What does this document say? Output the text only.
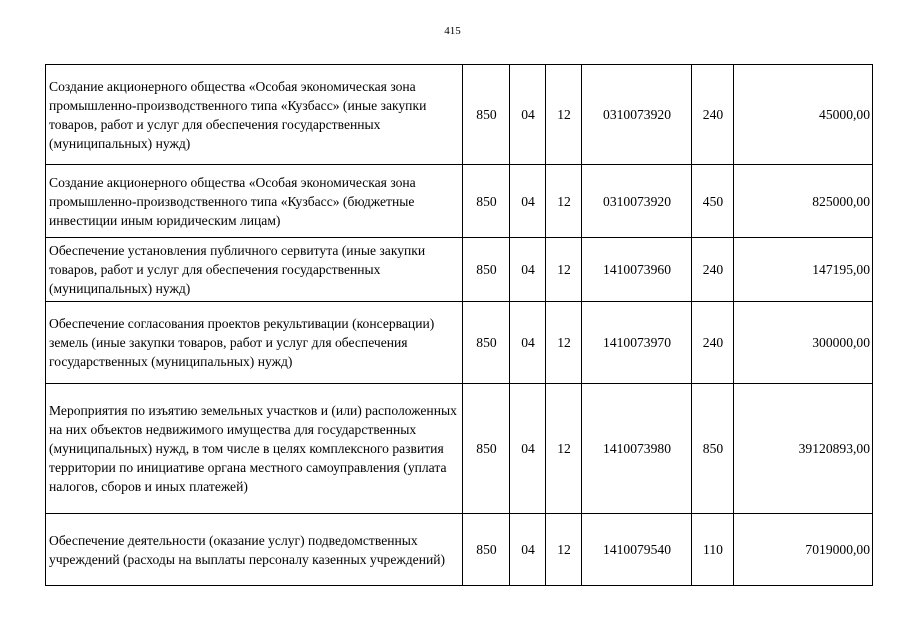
415
Создание акционерного общества «Особая экономическая зона промышленно-производственного типа «Кузбасс» (иные закупки товаров, работ и услуг для обеспечения государственных (муниципальных) нужд)	850	04	12	0310073920	240	45000,00
Создание акционерного общества «Особая экономическая зона промышленно-производственного типа «Кузбасс» (бюджетные инвестиции иным юридическим лицам)	850	04	12	0310073920	450	825000,00
Обеспечение установления публичного сервитута (иные закупки товаров, работ и услуг для обеспечения государственных (муниципальных) нужд)	850	04	12	1410073960	240	147195,00
Обеспечение согласования проектов рекультивации (консервации) земель (иные закупки товаров, работ и услуг для обеспечения государственных (муниципальных) нужд)	850	04	12	1410073970	240	300000,00
Мероприятия по изъятию земельных участков и (или) расположенных на них объектов недвижимого имущества для государственных (муниципальных) нужд, в том числе в целях комплексного развития территории по инициативе органа местного самоуправления (уплата налогов, сборов и иных платежей)	850	04	12	1410073980	850	39120893,00
Обеспечение деятельности (оказание услуг) подведомственных учреждений (расходы на выплаты персоналу казенных учреждений)	850	04	12	1410079540	110	7019000,00
